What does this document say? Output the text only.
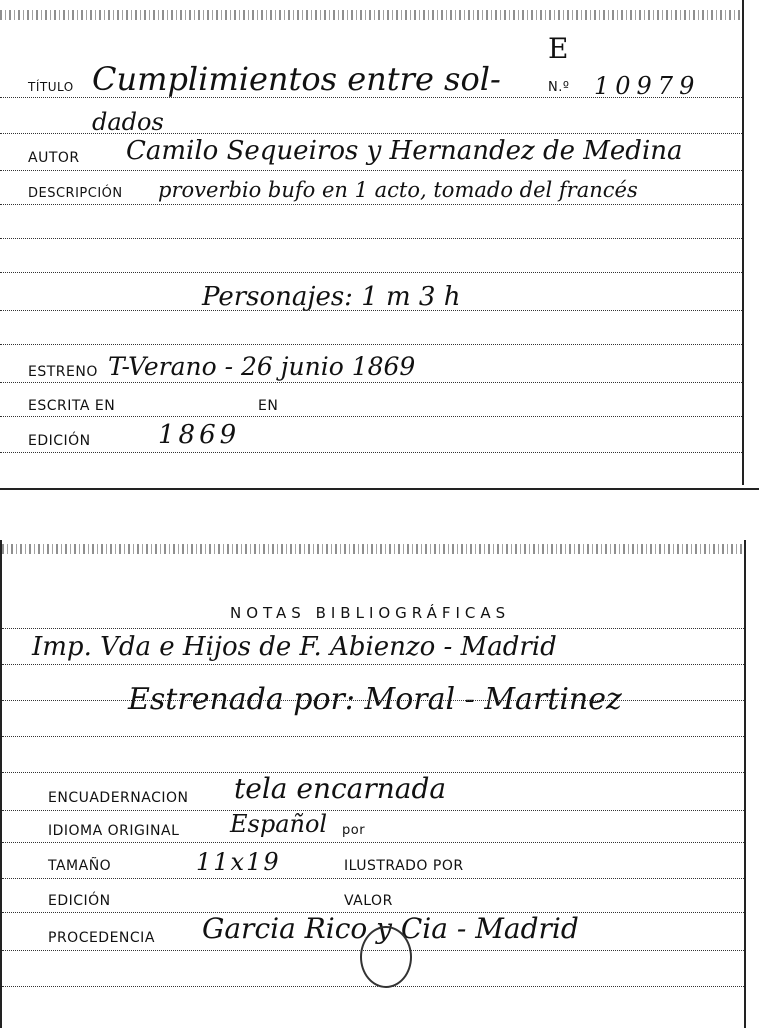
E
TÍTULO Cumplimientos entre sol-	N.º 10979
dados
AUTOR Camilo Sequeiros y Hernandez de Medina
DESCRIPCIÓN proverbio bufo en 1 acto, tomado del francés
Personajes: 1 m 3 h
ESTRENO T-Verano - 26 junio 1869
ESCRITA EN	EN
EDICIÓN	1869
NOTAS BIBLIOGRÁFICAS
Imp. Vda e Hijos de F. Abienzo - Madrid
Estrenada por: Moral - Martinez
ENCUADERNACION tela encarnada
IDIOMA ORIGINAL Español por
TAMAÑO	11x19	ILUSTRADO POR
EDICIÓN	VALOR
PROCEDENCIA Garcia Rico y Cia - Madrid
